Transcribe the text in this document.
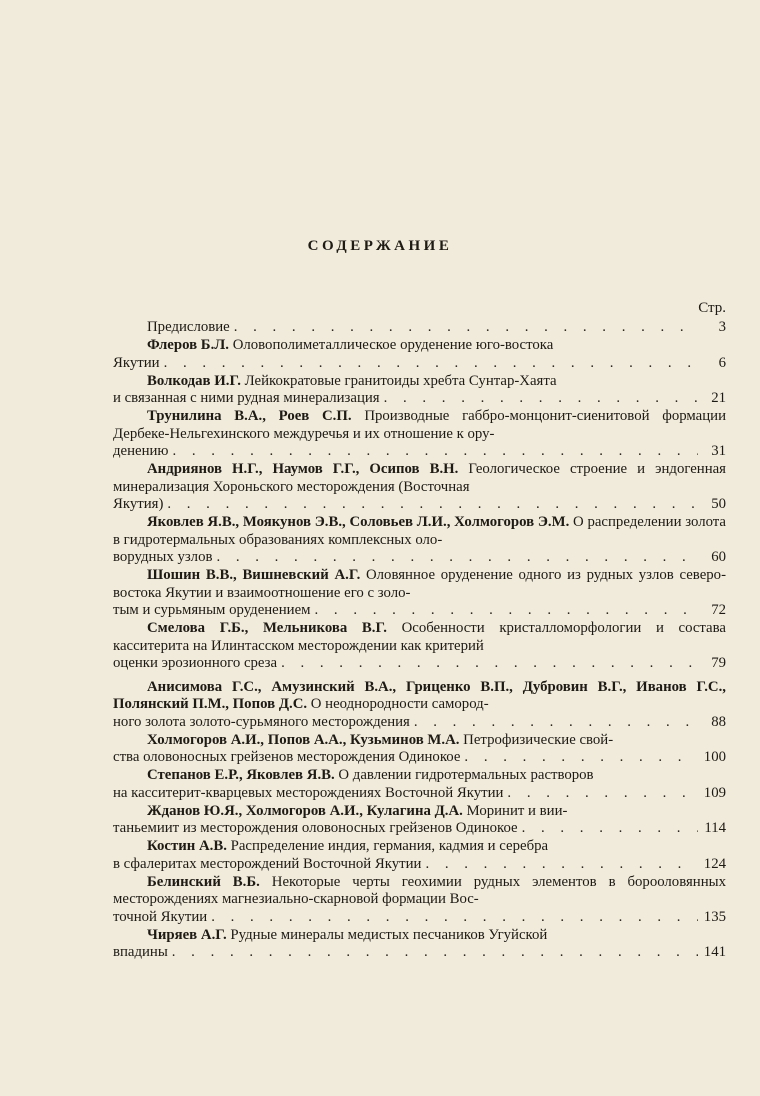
СОДЕРЖАНИЕ
Стр.
Предисловие . . .	3
Флеров Б.Л. Оловополиметаллическое оруденение юго-востока
Якутии . . .	6
Волкодав И.Г. Лейкократовые гранитоиды хребта Сунтар-Хаята
и связанная с ними рудная минерализация . . .	21
Трунилина В.А., Роев С.П. Производные габбро-монцонит-сиенитовой формации Дербеке-Нельгехинского междуречья и их отношение к ору-
денению . . .	31
Андриянов Н.Г., Наумов Г.Г., Осипов В.Н. Геологическое строение и эндогенная минерализация Хороньского месторождения (Восточная
Якутия) . . .	50
Яковлев Я.В., Моякунов Э.В., Соловьев Л.И., Холмогоров Э.М. О распределении золота в гидротермальных образованиях комплексных оло-
ворудных узлов . . .	60
Шошин В.В., Вишневский А.Г. Оловянное оруденение одного из рудных узлов северо-востока Якутии и взаимоотношение его с золо-
тым и сурьмяным оруденением . . .	72
Смелова Г.Б., Мельникова В.Г. Особенности кристалломорфологии и состава касситерита на Илинтасском месторождении как критерий
оценки эрозионного среза . . .	79
Анисимова Г.С., Амузинский В.А., Гриценко В.П., Дубровин В.Г., Иванов Г.С., Полянский П.М., Попов Д.С. О неоднородности самород-
ного золота золото-сурьмяного месторождения . . .	88
Холмогоров А.И., Попов А.А., Кузьминов М.А. Петрофизические свой-
ства оловоносных грейзенов месторождения Одинокое . . .	100
Степанов Е.Р., Яковлев Я.В. О давлении гидротермальных растворов
на касситерит-кварцевых месторождениях Восточной Якутии . . .	109
Жданов Ю.Я., Холмогоров А.И., Кулагина Д.А. Моринит и вии-
таньемиит из месторождения оловоносных грейзенов Одинокое . . .	114
Костин А.В. Распределение индия, германия, кадмия и серебра
в сфалеритах месторождений Восточной Якутии . . .	124
Белинский В.Б. Некоторые черты геохимии рудных элементов в борооловянных месторождениях магнезиально-скарновой формации Вос-
точной Якутии . . .	135
Чиряев А.Г. Рудные минералы медистых песчаников Угуйской
впадины . . .	141
